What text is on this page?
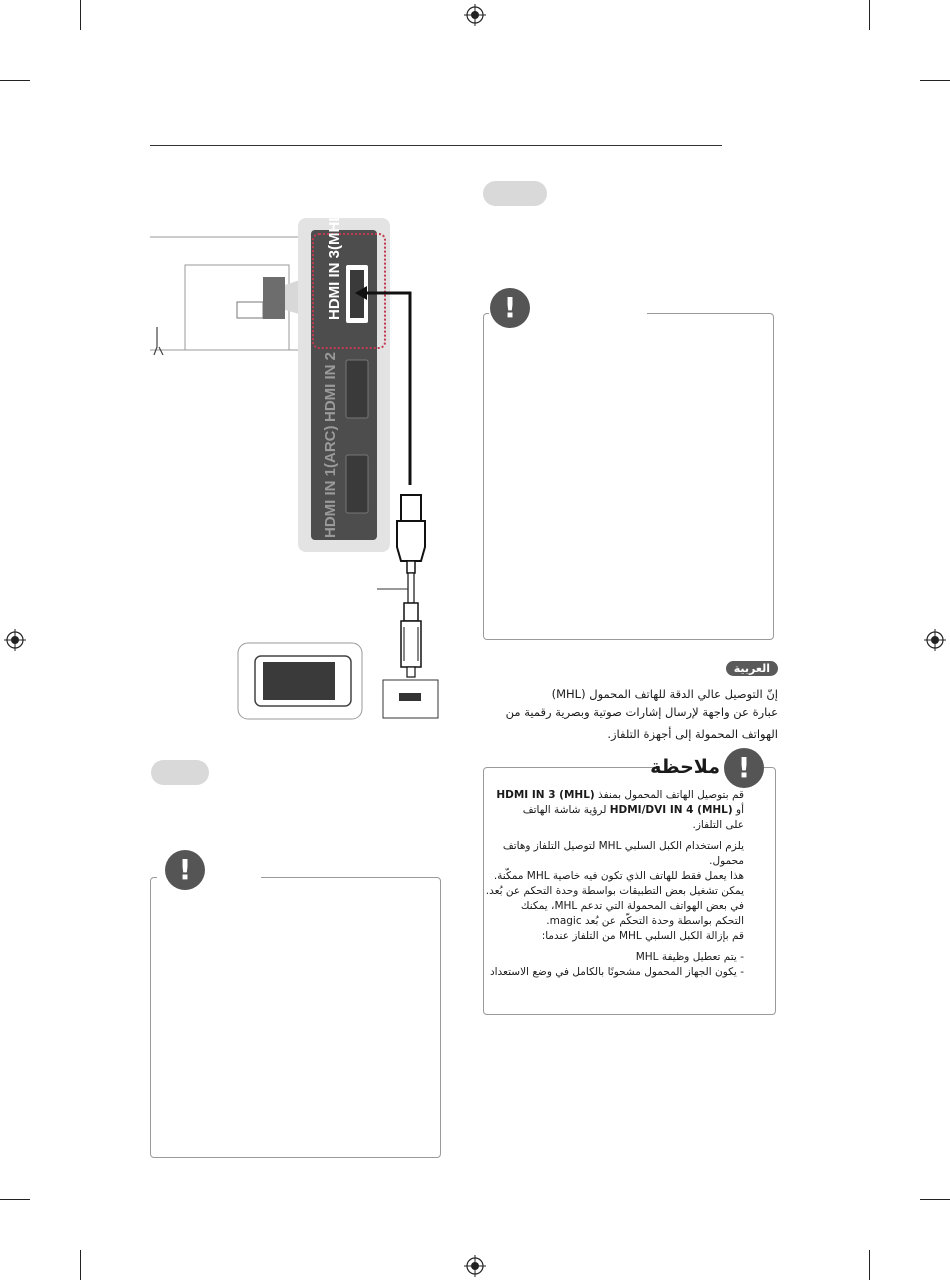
!
!
العربية
إنّ التوصيل عالي الدقة للهاتف المحمول (MHL)
عبارة عن واجهة لإرسال إشارات صوتية وبصرية رقمية من
الهواتف المحمولة إلى أجهزة التلفاز.
!
ملاحظة

قم بتوصيل الهاتف المحمول بمنفذ HDMI IN 3 (MHL)

أو HDMI/DVI IN 4 (MHL) لرؤية شاشة الهاتف

على التلفاز.

يلزم استخدام الكبل السلبي MHL لتوصيل التلفاز وهاتف

محمول.

هذا يعمل فقط للهاتف الذي تكون فيه خاصية MHL ممكّنة.

يمكن تشغيل بعض التطبيقات بواسطة وحدة التحكم عن بُعد.

في بعض الهواتف المحمولة التي تدعم MHL، يمكنك

التحكم بواسطة وحدة التحكّم عن بُعد magic.

قم بإزالة الكبل السلبي MHL من التلفاز عندما:

- يتم تعطيل وظيفة MHL

- يكون الجهاز المحمول مشحونًا بالكامل في وضع الاستعداد
